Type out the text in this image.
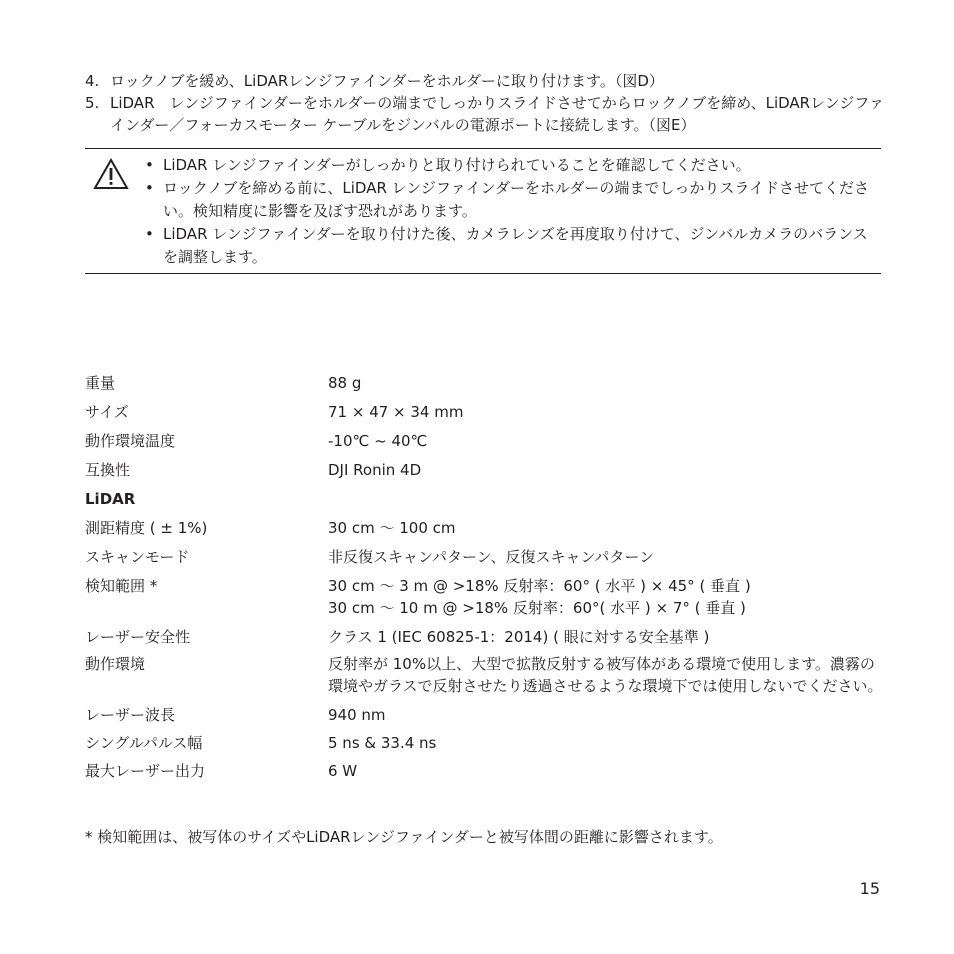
4. ロックノブを緩め、LiDARレンジファインダーをホルダーに取り付けます。（図D）
5. LiDAR　レンジファインダーをホルダーの端までしっかりスライドさせてからロックノブを締め、LiDARレンジファインダー／フォーカスモーター ケーブルをジンバルの電源ポートに接続します。（図E）
• LiDAR レンジファインダーがしっかりと取り付けられていることを確認してください。
• ロックノブを締める前に、LiDAR レンジファインダーをホルダーの端までしっかりスライドさせてください。検知精度に影響を及ぼす恐れがあります。
• LiDAR レンジファインダーを取り付けた後、カメラレンズを再度取り付けて、ジンバルカメラのバランスを調整します。
重量	88 g
サイズ	71 × 47 × 34 mm
動作環境温度	-10℃ ~ 40℃
互換性	DJI Ronin 4D
LiDAR
測距精度 ( ± 1%)	30 cm 〜 100 cm
スキャンモード	非反復スキャンパターン、反復スキャンパターン
検知範囲 *	30 cm 〜 3 m @ >18% 反射率：60° ( 水平 ) × 45° ( 垂直 )
30 cm 〜 10 m @ >18% 反射率：60°( 水平 ) × 7° ( 垂直 )
レーザー安全性	クラス 1 (IEC 60825-1：2014) ( 眼に対する安全基準 )
動作環境	反射率が 10%以上、大型で拡散反射する被写体がある環境で使用します。濃霧の環境やガラスで反射させたり透過させるような環境下では使用しないでください。
レーザー波長	940 nm
シングルパルス幅	5 ns & 33.4 ns
最大レーザー出力	6 W
* 検知範囲は、被写体のサイズやLiDARレンジファインダーと被写体間の距離に影響されます。
15
